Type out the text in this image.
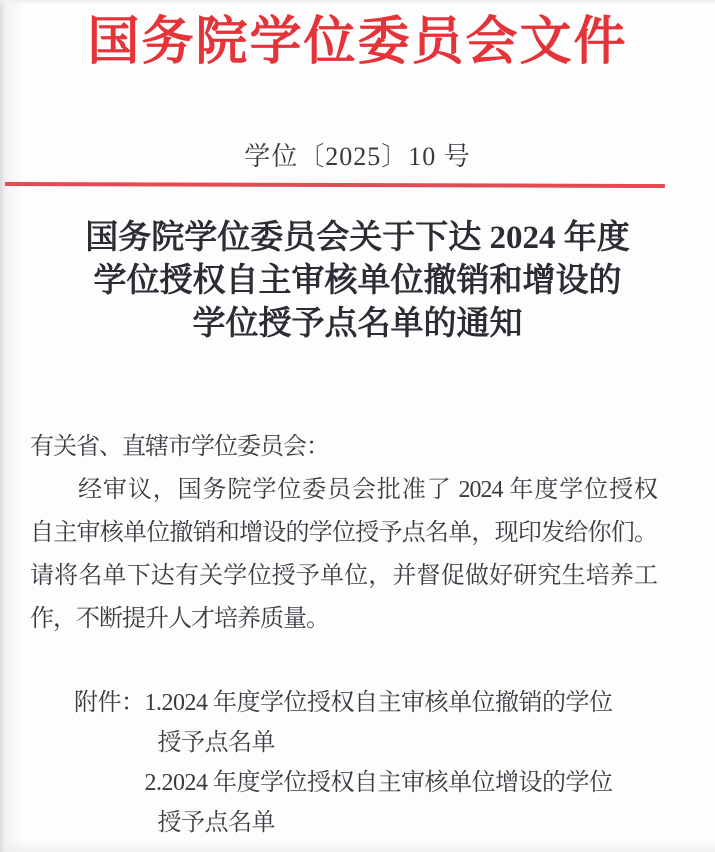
国务院学位委员会文件
学位〔2025〕10 号
国务院学位委员会关于下达 2024 年度
学位授权自主审核单位撤销和增设的
学位授予点名单的通知
有关省、直辖市学位委员会：
经审议，国务院学位委员会批准了 2024 年度学位授权
自主审核单位撤销和增设的学位授予点名单，现印发给你们。
请将名单下达有关学位授予单位，并督促做好研究生培养工
作，不断提升人才培养质量。
附件： 1.2024 年度学位授权自主审核单位撤销的学位
授予点名单
2.2024 年度学位授权自主审核单位增设的学位
授予点名单
